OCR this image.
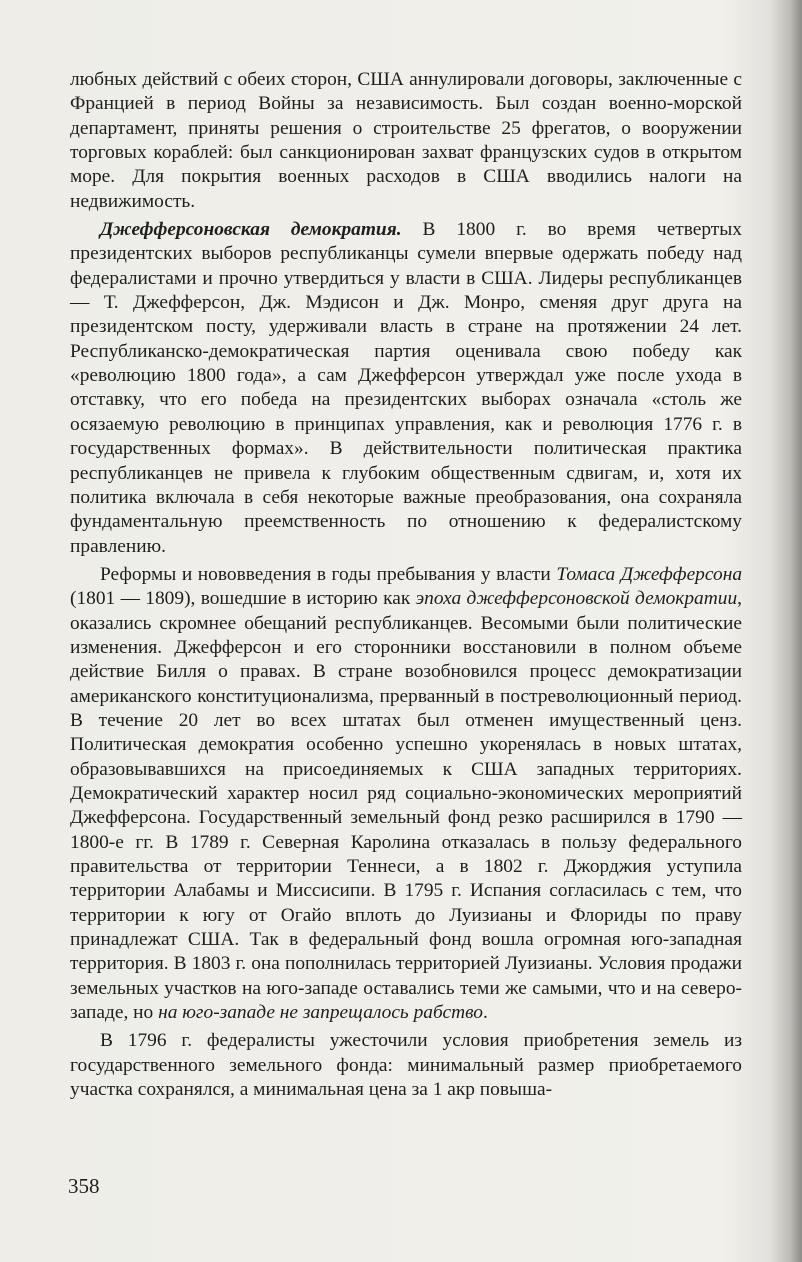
любных действий с обеих сторон, США аннулировали договоры, заключенные с Францией в период Войны за независимость. Был создан военно-морской департамент, приняты решения о строительстве 25 фрегатов, о вооружении торговых кораблей: был санкционирован захват французских судов в открытом море. Для покрытия военных расходов в США вводились налоги на недвижимость.

Джефферсоновская демократия. В 1800 г. во время четвертых президентских выборов республиканцы сумели впервые одержать победу над федералистами и прочно утвердиться у власти в США. Лидеры республиканцев — Т. Джефферсон, Дж. Мэдисон и Дж. Монро, сменяя друг друга на президентском посту, удерживали власть в стране на протяжении 24 лет. Республиканско-демократическая партия оценивала свою победу как «революцию 1800 года», а сам Джефферсон утверждал уже после ухода в отставку, что его победа на президентских выборах означала «столь же осязаемую революцию в принципах управления, как и революция 1776 г. в государственных формах». В действительности политическая практика республиканцев не привела к глубоким общественным сдвигам, и, хотя их политика включала в себя некоторые важные преобразования, она сохраняла фундаментальную преемственность по отношению к федералистскому правлению.

Реформы и нововведения в годы пребывания у власти Томаса Джефферсона (1801 — 1809), вошедшие в историю как эпоха джефферсоновской демократии, оказались скромнее обещаний республиканцев. Весомыми были политические изменения. Джефферсон и его сторонники восстановили в полном объеме действие Билля о правах. В стране возобновился процесс демократизации американского конституционализма, прерванный в постреволюционный период. В течение 20 лет во всех штатах был отменен имущественный ценз. Политическая демократия особенно успешно укоренялась в новых штатах, образовывавшихся на присоединяемых к США западных территориях. Демократический характер носил ряд социально-экономических мероприятий Джефферсона. Государственный земельный фонд резко расширился в 1790 — 1800-е гг. В 1789 г. Северная Каролина отказалась в пользу федерального правительства от территории Теннеси, а в 1802 г. Джорджия уступила территории Алабамы и Миссисипи. В 1795 г. Испания согласилась с тем, что территории к югу от Огайо вплоть до Луизианы и Флориды по праву принадлежат США. Так в федеральный фонд вошла огромная юго-западная территория. В 1803 г. она пополнилась территорией Луизианы. Условия продажи земельных участков на юго-западе оставались теми же самыми, что и на северо-западе, но на юго-западе не запрещалось рабство.

В 1796 г. федералисты ужесточили условия приобретения земель из государственного земельного фонда: минимальный размер приобретаемого участка сохранялся, а минимальная цена за 1 акр повыша-

358
